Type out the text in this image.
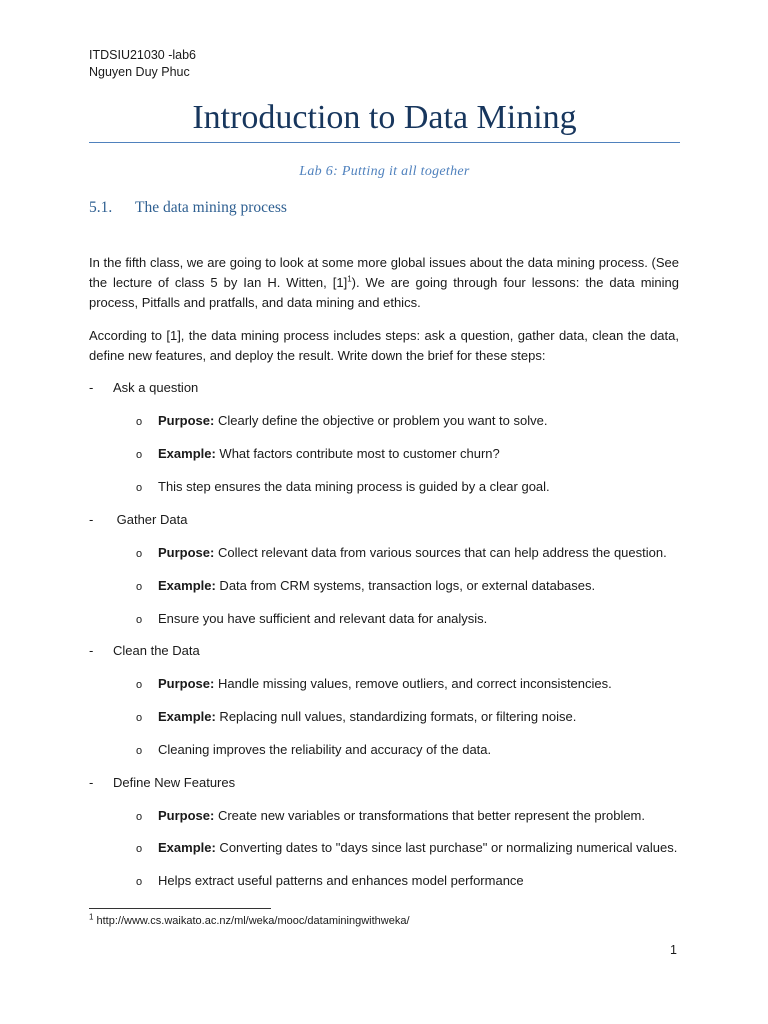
ITDSIU21030 -lab6
Nguyen Duy Phuc
Introduction to Data Mining
Lab 6: Putting it all together
5.1. The data mining process
In the fifth class, we are going to look at some more global issues about the data mining process. (See the lecture of class 5 by Ian H. Witten, $[1]^1$). We are going through four lessons: the data mining process, Pitfalls and pratfalls, and data mining and ethics.
According to [1], the data mining process includes steps: ask a question, gather data, clean the data, define new features, and deploy the result. Write down the brief for these steps:
- Ask a question
o Purpose: Clearly define the objective or problem you want to solve.
o Example: What factors contribute most to customer churn?
o This step ensures the data mining process is guided by a clear goal.
- Gather Data
o Purpose: Collect relevant data from various sources that can help address the question.
o Example: Data from CRM systems, transaction logs, or external databases.
o Ensure you have sufficient and relevant data for analysis.
- Clean the Data
o Purpose: Handle missing values, remove outliers, and correct inconsistencies.
o Example: Replacing null values, standardizing formats, or filtering noise.
o Cleaning improves the reliability and accuracy of the data.
- Define New Features
o Purpose: Create new variables or transformations that better represent the problem.
o Example: Converting dates to "days since last purchase" or normalizing numerical values.
o Helps extract useful patterns and enhances model performance
$^1$ http://www.cs.waikato.ac.nz/ml/weka/mooc/dataminingwithweka/
1
